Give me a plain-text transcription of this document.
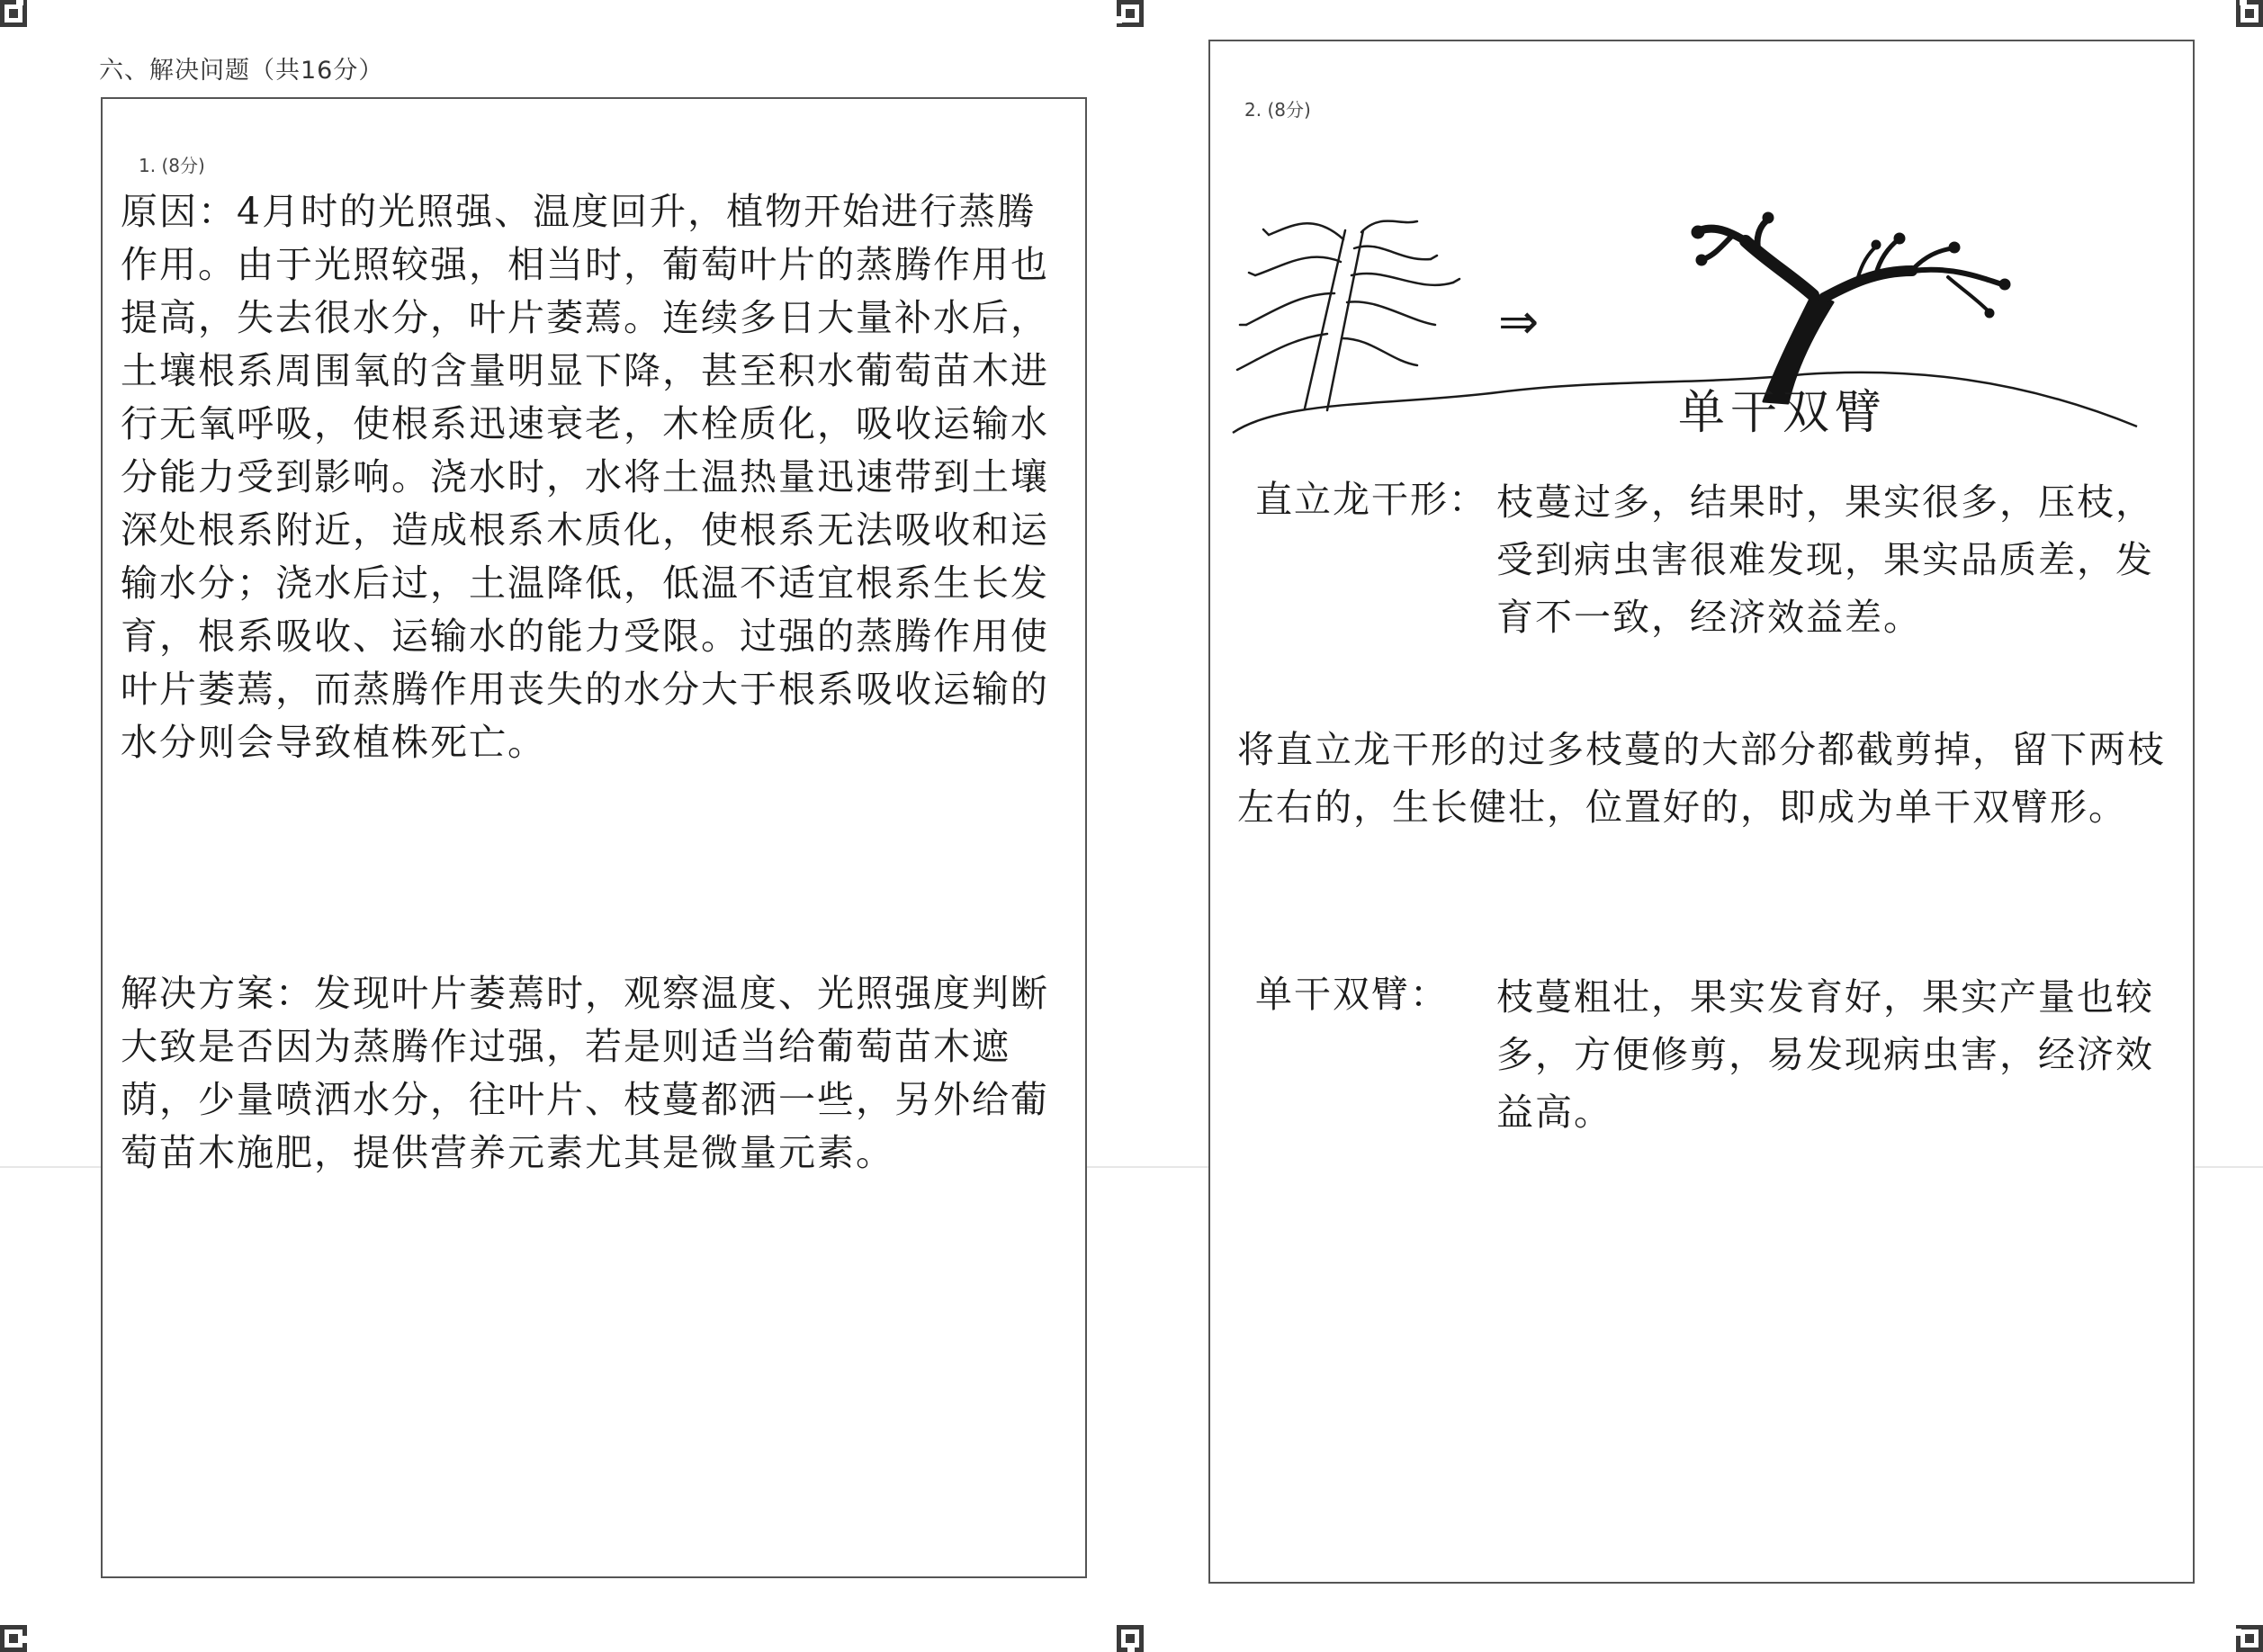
六、解决问题（共16分）
1. (8分)
原因：4月时的光照强、温度回升，植物开始进行蒸腾作用。由于光照较强，相当时，葡萄叶片的蒸腾作用也提高，失去很水分，叶片萎蔫。连续多日大量补水后，土壤根系周围氧的含量明显下降，甚至积水葡萄苗木进行无氧呼吸，使根系迅速衰老，木栓质化，吸收运输水分能力受到影响。浇水时，水将土温热量迅速带到土壤深处根系附近，造成根系木质化，使根系无法吸收和运输水分；浇水后过，土温降低，低温不适宜根系生长发育，根系吸收、运输水的能力受限。过强的蒸腾作用使叶片萎蔫，而蒸腾作用丧失的水分大于根系吸收运输的水分则会导致植株死亡。
解决方案：发现叶片萎蔫时，观察温度、光照强度判断大致是否因为蒸腾作过强，若是则适当给葡萄苗木遮荫，少量喷洒水分，往叶片、枝蔓都洒一些，另外给葡萄苗木施肥，提供营养元素尤其是微量元素。
2. (8分)
⇒
单干双臂
直立龙干形： 枝蔓过多，结果时，果实很多，压枝，受到病虫害很难发现，果实品质差，发育不一致，经济效益差。
将直立龙干形的过多枝蔓的大部分都截剪掉，留下两枝左右的，生长健壮，位置好的，即成为单干双臂形。
单干双臂：	枝蔓粗壮，果实发育好，果实产量也较多，方便修剪，易发现病虫害，经济效益高。
